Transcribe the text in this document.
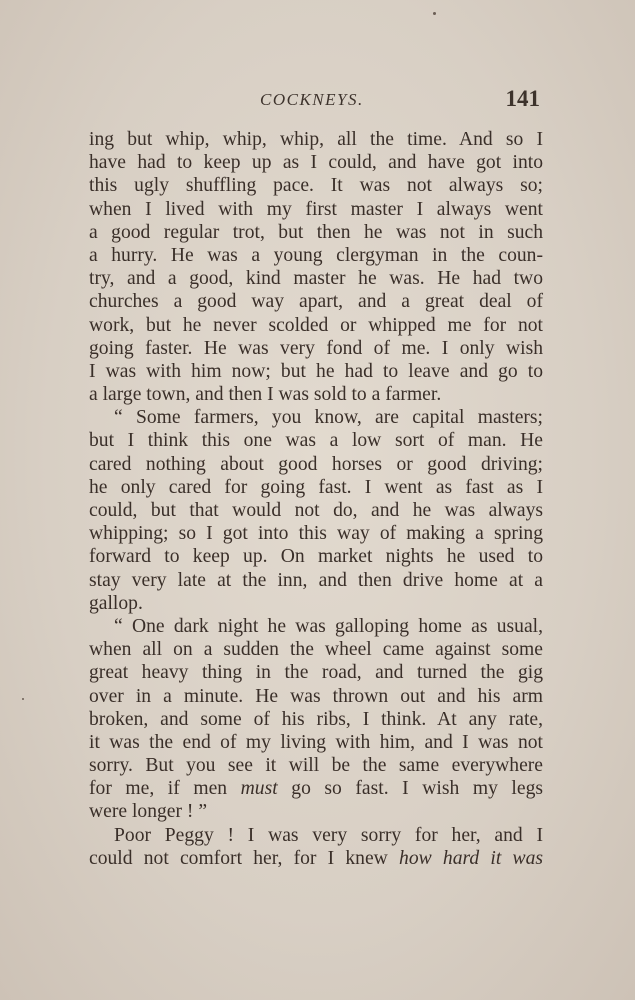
COCKNEYS.	141
ing but whip, whip, whip, all the time. And so I
have had to keep up as I could, and have got into
this ugly shuffling pace. It was not always so;
when I lived with my first master I always went
a good regular trot, but then he was not in such
a hurry. He was a young clergyman in the coun-
try, and a good, kind master he was. He had two
churches a good way apart, and a great deal of
work, but he never scolded or whipped me for not
going faster. He was very fond of me. I only wish
I was with him now; but he had to leave and go to
a large town, and then I was sold to a farmer.
“ Some farmers, you know, are capital masters;
but I think this one was a low sort of man. He
cared nothing about good horses or good driving;
he only cared for going fast. I went as fast as I
could, but that would not do, and he was always
whipping; so I got into this way of making a spring
forward to keep up. On market nights he used to
stay very late at the inn, and then drive home at a
gallop.
“ One dark night he was galloping home as usual,
when all on a sudden the wheel came against some
great heavy thing in the road, and turned the gig
over in a minute. He was thrown out and his arm
broken, and some of his ribs, I think. At any rate,
it was the end of my living with him, and I was not
sorry. But you see it will be the same everywhere
for me, if men must go so fast. I wish my legs
were longer ! ”
Poor Peggy ! I was very sorry for her, and I
could not comfort her, for I knew how hard it was
